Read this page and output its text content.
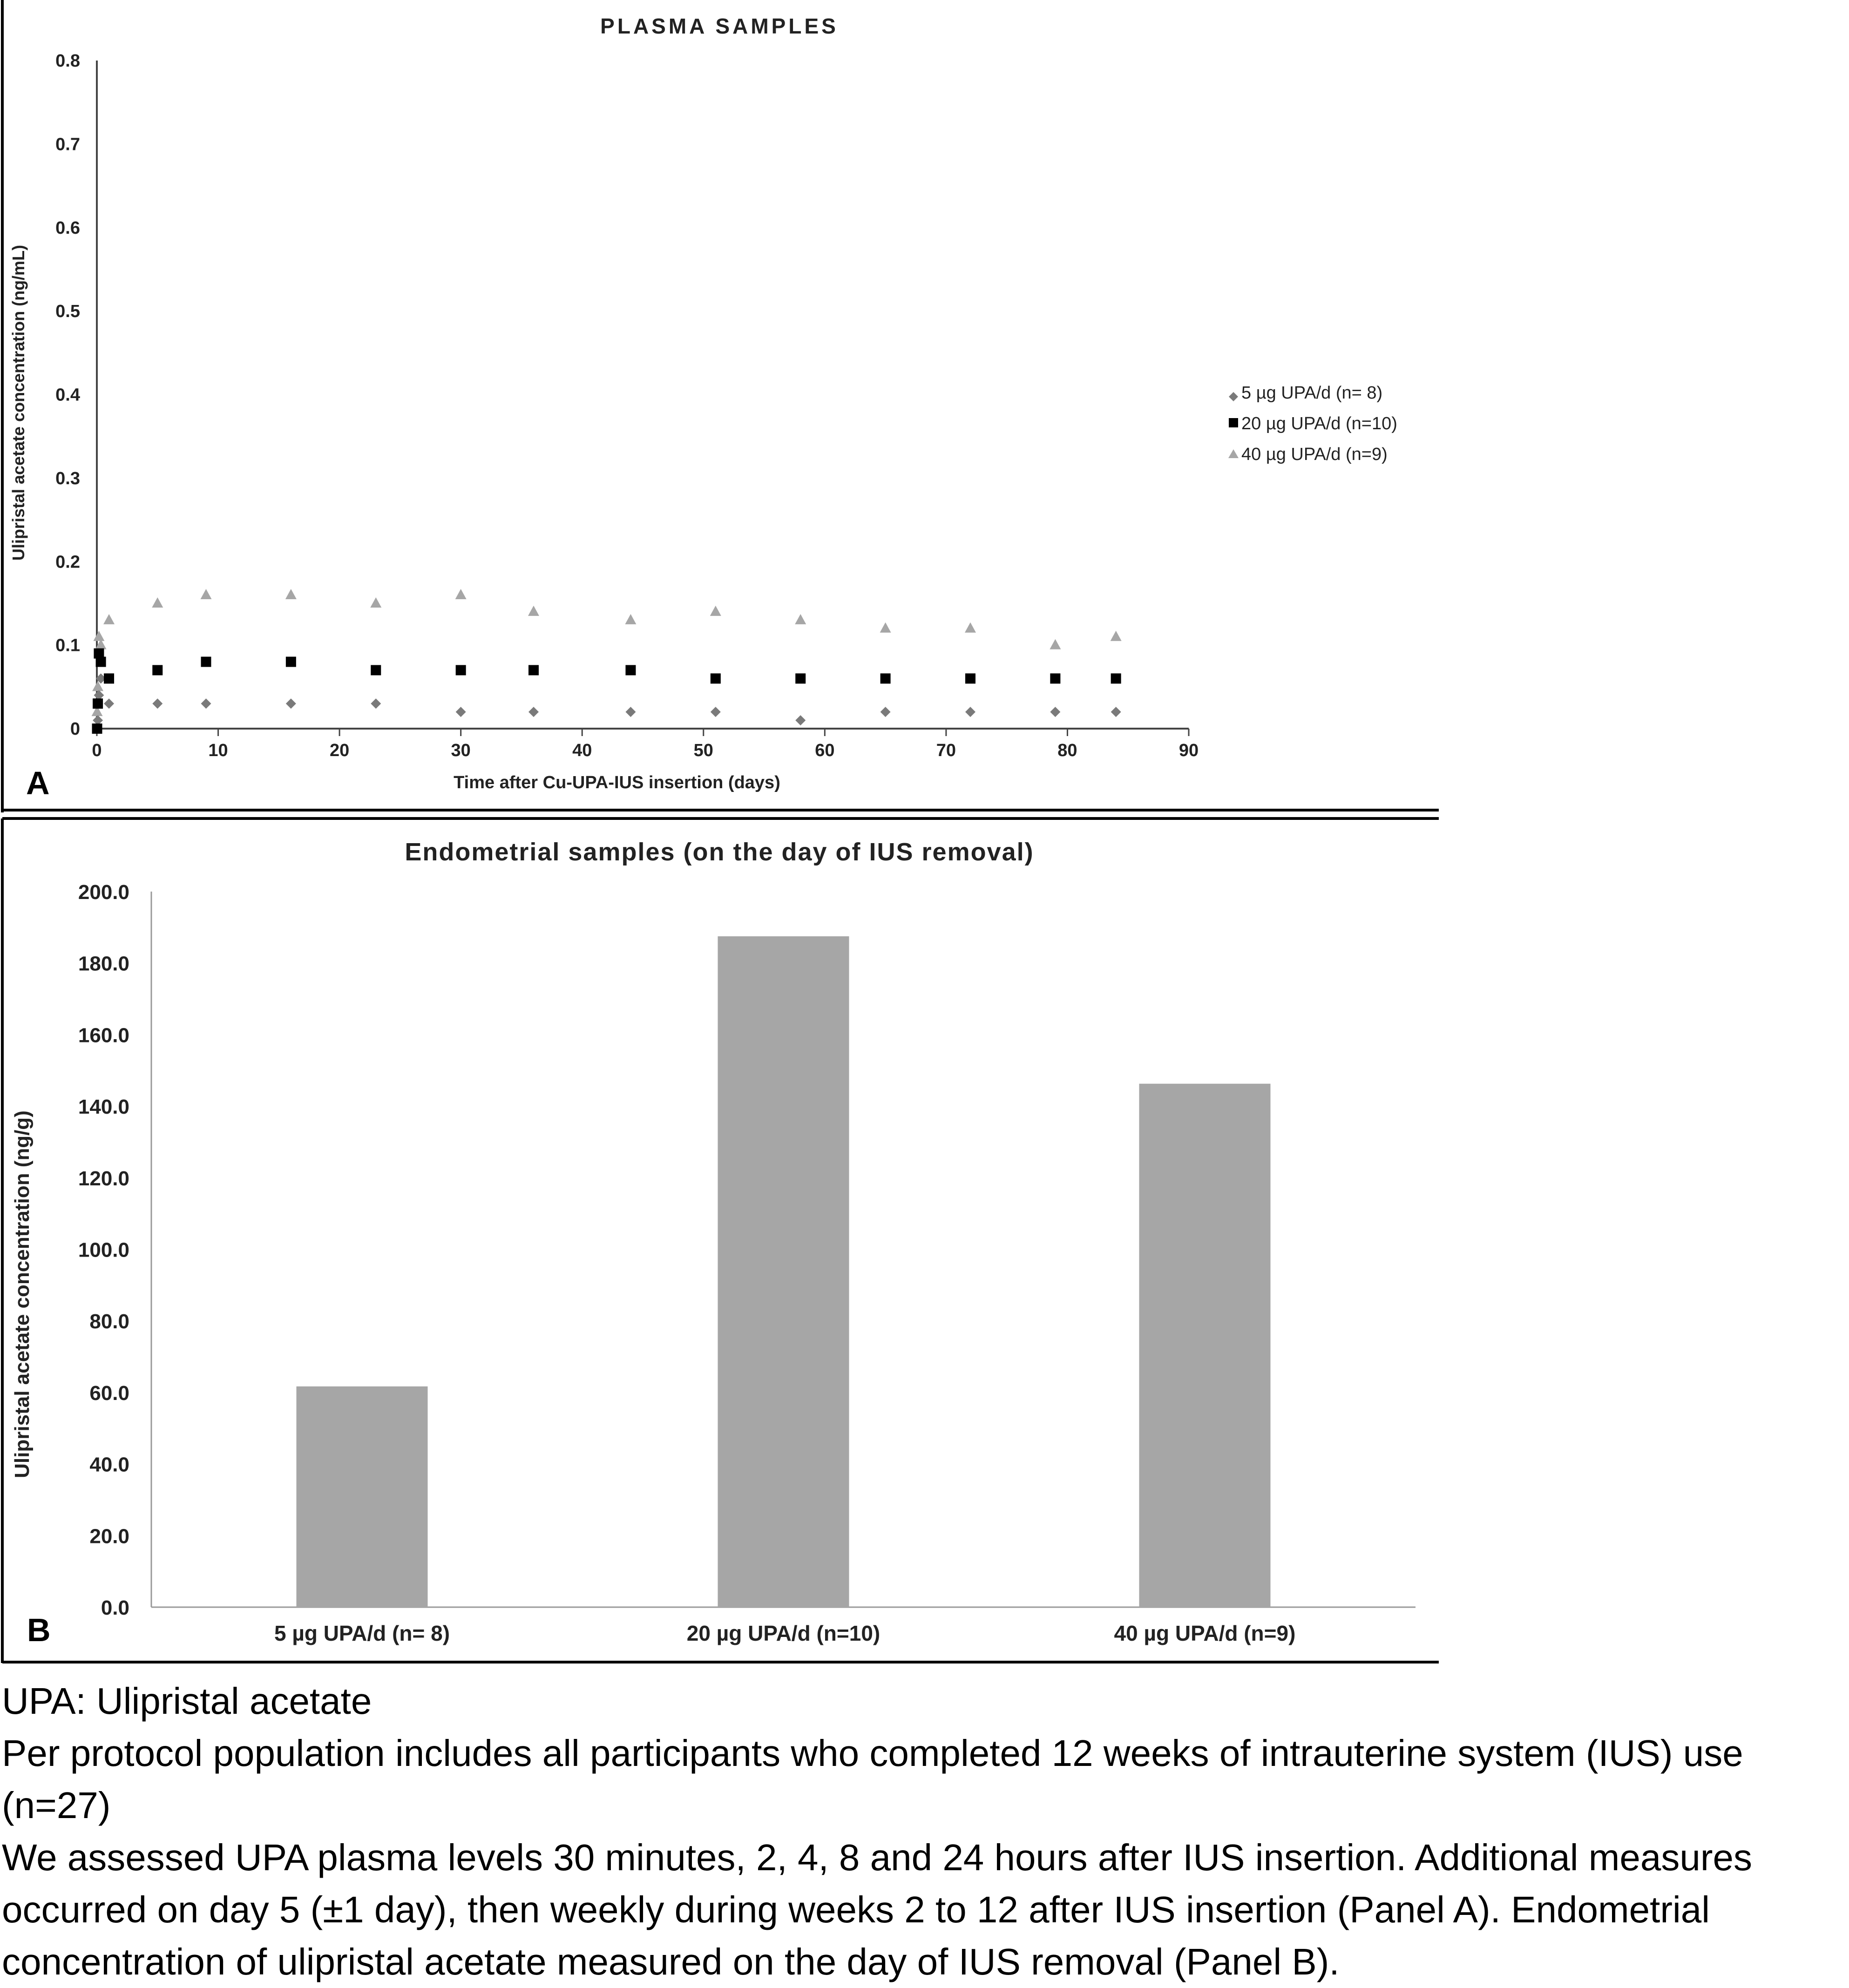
PLASMA SAMPLES
Ulipristal acetate concentration (ng/mL)
Time after Cu-UPA-IUS insertion (days)
A
0
0.1
0.2
0.3
0.4
0.5
0.6
0.7
0.8
0	10	20	30	40	50	60	70	80	90
5 µg UPA/d (n= 8)
20 µg UPA/d (n=10)
40 µg UPA/d (n=9)
Endometrial samples (on the day of IUS removal)
Ulipristal acetate concentration (ng/g)
B
0.0
20.0
40.0
60.0
80.0
100.0
120.0
140.0
160.0
180.0
200.0
5 µg UPA/d (n= 8)	20 µg UPA/d (n=10)	40 µg UPA/d (n=9)

UPA: Ulipristal acetate

Per protocol population includes all participants who completed 12 weeks of intrauterine system (IUS) use (n=27)

We assessed UPA plasma levels 30 minutes, 2, 4, 8 and 24 hours after IUS insertion. Additional measures occurred on day 5 (±1 day), then weekly during weeks 2 to 12 after IUS insertion (Panel A). Endometrial concentration of ulipristal acetate measured on the day of IUS removal (Panel B).
